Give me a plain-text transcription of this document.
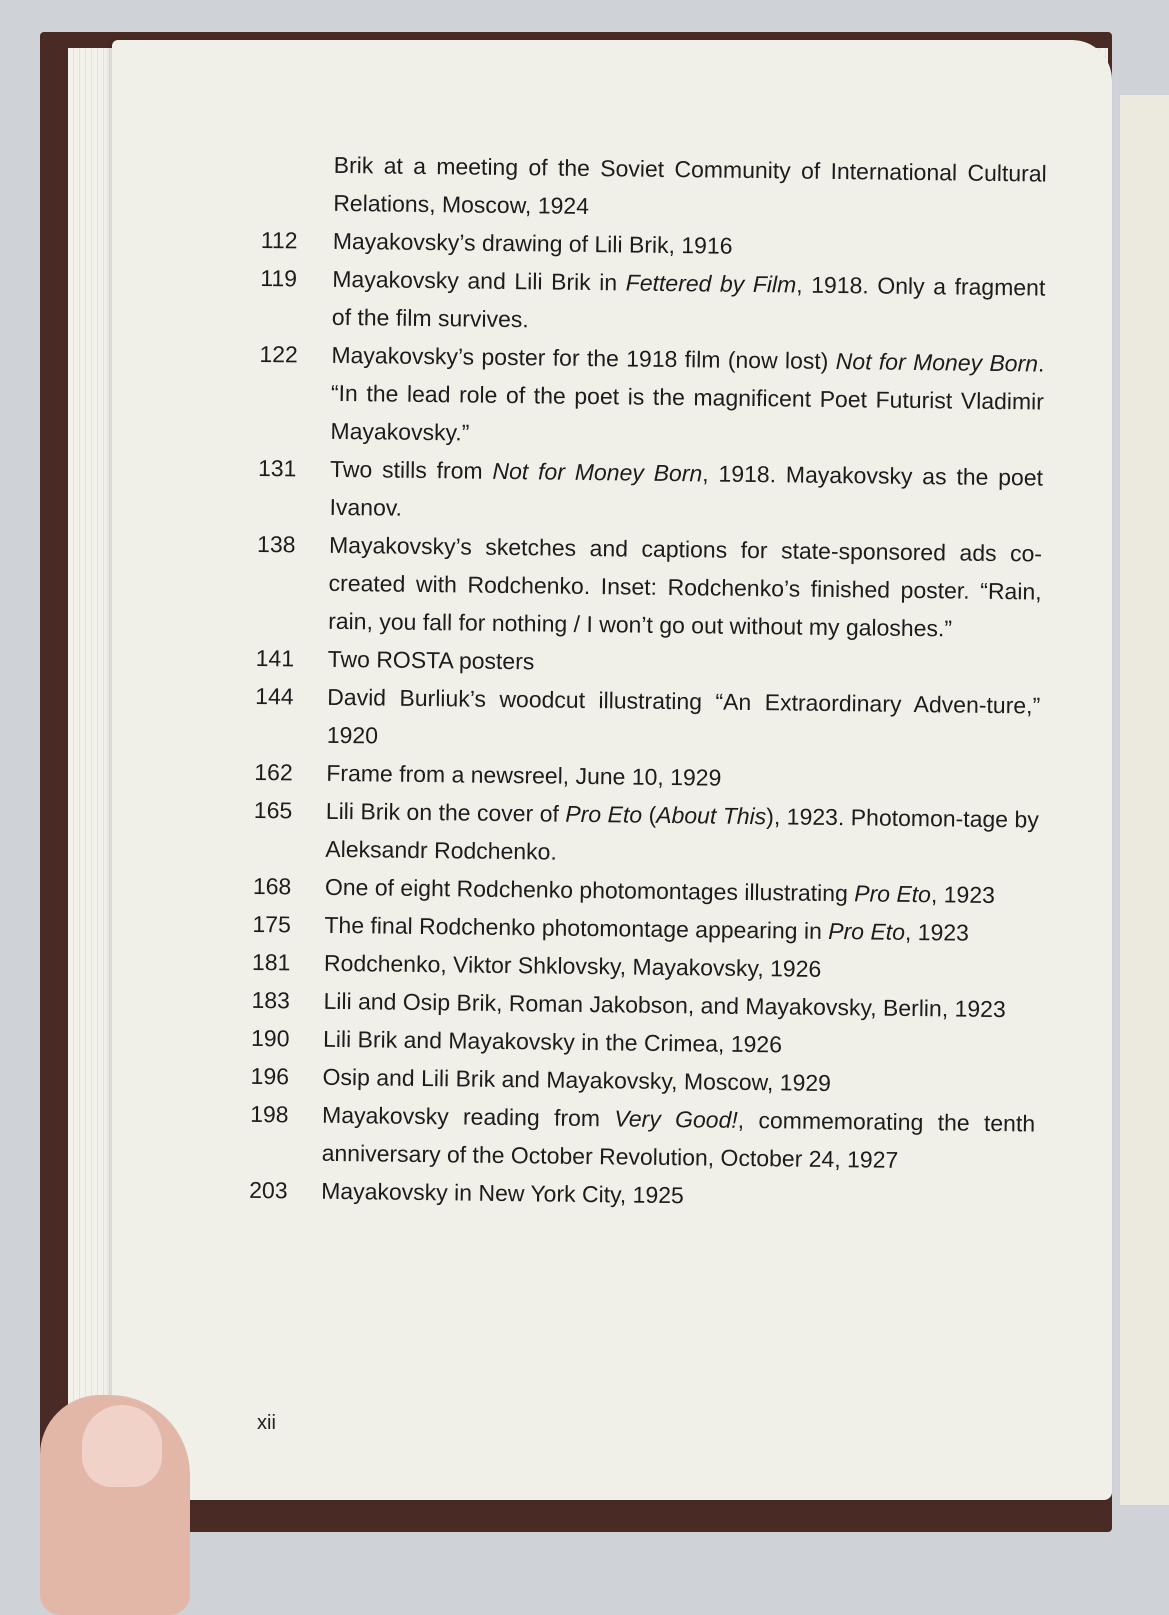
Brik at a meeting of the Soviet Community of International Cultural Relations, Moscow, 1924
112	Mayakovsky’s drawing of Lili Brik, 1916
119	Mayakovsky and Lili Brik in Fettered by Film, 1918. Only a fragment of the film survives.
122	Mayakovsky’s poster for the 1918 film (now lost) Not for Money Born. “In the lead role of the poet is the magnificent Poet Futurist Vladimir Mayakovsky.”
131	Two stills from Not for Money Born, 1918. Mayakovsky as the poet Ivanov.
138	Mayakovsky’s sketches and captions for state-sponsored ads co-created with Rodchenko. Inset: Rodchenko’s finished poster. “Rain, rain, you fall for nothing / I won’t go out without my galoshes.”
141	Two ROSTA posters
144	David Burliuk’s woodcut illustrating “An Extraordinary Adven-ture,” 1920
162	Frame from a newsreel, June 10, 1929
165	Lili Brik on the cover of Pro Eto (About This), 1923. Photomon-tage by Aleksandr Rodchenko.
168	One of eight Rodchenko photomontages illustrating Pro Eto, 1923
175	The final Rodchenko photomontage appearing in Pro Eto, 1923
181	Rodchenko, Viktor Shklovsky, Mayakovsky, 1926
183	Lili and Osip Brik, Roman Jakobson, and Mayakovsky, Berlin, 1923
190	Lili Brik and Mayakovsky in the Crimea, 1926
196	Osip and Lili Brik and Mayakovsky, Moscow, 1929
198	Mayakovsky reading from Very Good!, commemorating the tenth anniversary of the October Revolution, October 24, 1927
203	Mayakovsky in New York City, 1925
xii
